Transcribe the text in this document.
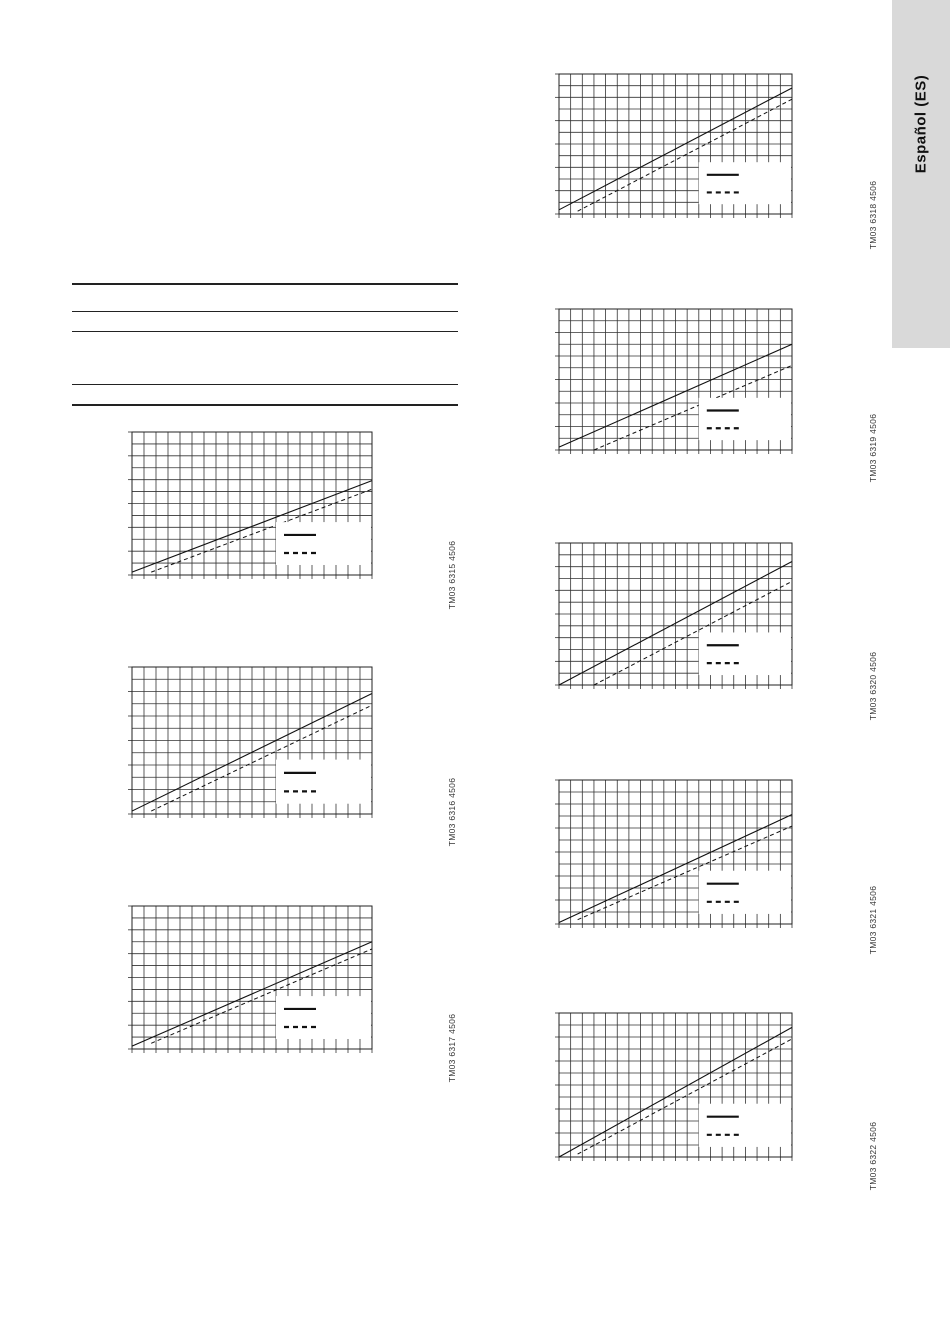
Español (ES)
TM03 6315 4506
TM03 6316 4506
TM03 6317 4506
TM03 6318 4506
TM03 6319 4506
TM03 6320 4506
TM03 6321 4506
TM03 6322 4506
